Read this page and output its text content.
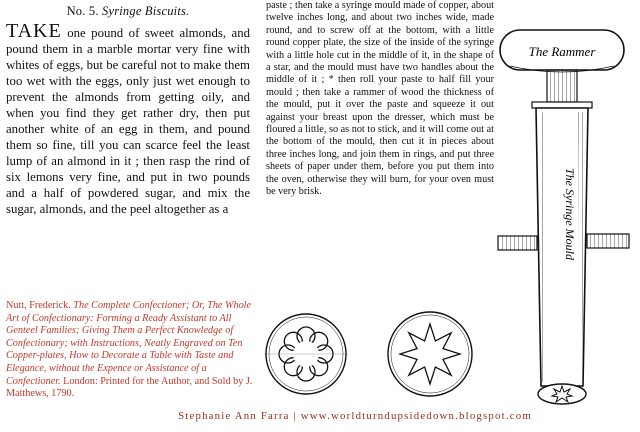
No. 5. Syringe Biscuits.

TAKE one pound of sweet almonds, and pound them in a marble mortar very fine with whites of eggs, but be careful not to make them too wet with the eggs, only just wet enough to prevent the almonds from getting oily, and when you find they get rather dry, then put another white of an egg in them, and pound them so fine, till you can scarce feel the least lump of an almond in it ; then rasp the rind of six lemons very fine, and put in two pounds and a half of powdered sugar, and mix the sugar, almonds, and the peel altogether as a

paste ; then take a syringe mould made of copper, about twelve inches long, and about two inches wide, made round, and to screw off at the bottom, with a little round copper plate, the size of the inside of the syringe with a little hole cut in the middle of it, in the shape of a star, and the mould must have two handles about the middle of it ; * then roll your paste to half fill your mould ; then take a rammer of wood the thickness of the mould, put it over the paste and squeeze it out against your breast upon the dresser, which must be floured a little, so as not to stick, and it will come out at the bottom of the mould, then cut it in pieces about three inches long, and join them in rings, and put three sheets of paper under them, before you put them into the oven, otherwise they will burn, for your oven must be very brisk.

Nutt, Frederick. The Complete Confectioner; Or, The Whole Art of Confectionary: Forming a Ready Assistant to All Genteel Families; Giving Them a Perfect Knowledge of Confectionary; with Instructions, Neatly Engraved on Ten Copper-plates, How to Decorate a Table with Taste and Elegance, without the Expence or Assistance of a Confectioner. London: Printed for the Author, and Sold by J. Matthews, 1790.

The Rammer
The Syringe Mould
Stephanie Ann Farra | www.worldturndupsidedown.blogspot.com
